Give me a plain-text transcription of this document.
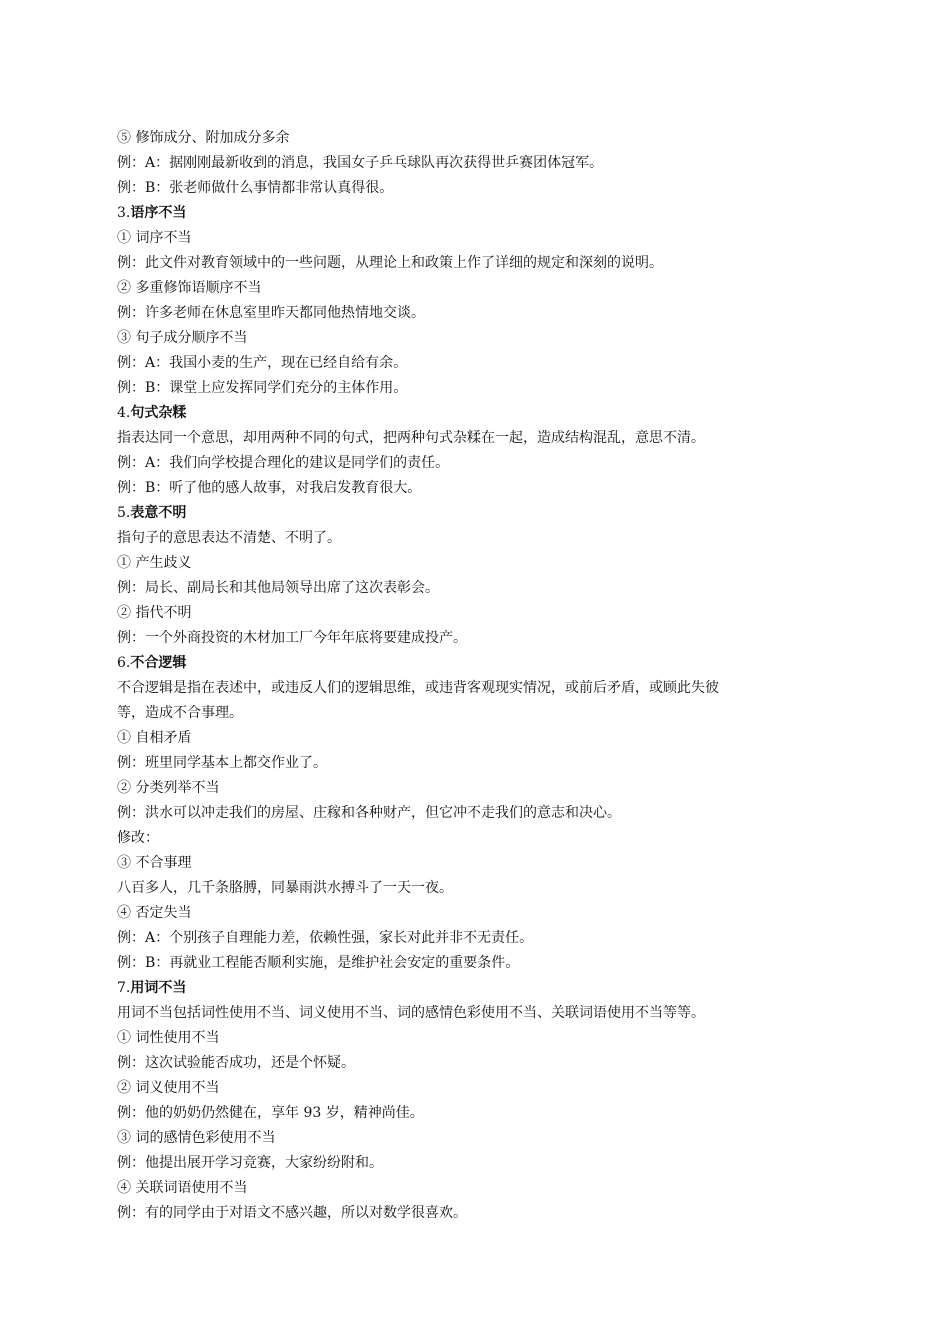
⑤ 修饰成分、附加成分多余
例：A：据刚刚最新收到的消息，我国女子乒乓球队再次获得世乒赛团体冠军。
例：B：张老师做什么事情都非常认真得很。
3.语序不当
① 词序不当
例：此文件对教育领域中的一些问题，从理论上和政策上作了详细的规定和深刻的说明。
② 多重修饰语顺序不当
例：许多老师在休息室里昨天都同他热情地交谈。
③ 句子成分顺序不当
例：A：我国小麦的生产，现在已经自给有余。
例：B：课堂上应发挥同学们充分的主体作用。
4.句式杂糅
指表达同一个意思，却用两种不同的句式，把两种句式杂糅在一起，造成结构混乱，意思不清。
例：A：我们向学校提合理化的建议是同学们的责任。
例：B：听了他的感人故事，对我启发教育很大。
5.表意不明
指句子的意思表达不清楚、不明了。
① 产生歧义
例：局长、副局长和其他局领导出席了这次表彰会。
② 指代不明
例：一个外商投资的木材加工厂今年年底将要建成投产。
6.不合逻辑
不合逻辑是指在表述中，或违反人们的逻辑思维，或违背客观现实情况，或前后矛盾，或顾此失彼
等，造成不合事理。
① 自相矛盾
例：班里同学基本上都交作业了。
② 分类列举不当
例：洪水可以冲走我们的房屋、庄稼和各种财产，但它冲不走我们的意志和决心。
修改：
③ 不合事理
八百多人，几千条胳膊，同暴雨洪水搏斗了一天一夜。
④ 否定失当
例：A：个别孩子自理能力差，依赖性强，家长对此并非不无责任。
例：B：再就业工程能否顺利实施，是维护社会安定的重要条件。
7.用词不当
用词不当包括词性使用不当、词义使用不当、词的感情色彩使用不当、关联词语使用不当等等。
① 词性使用不当
例：这次试验能否成功，还是个怀疑。
② 词义使用不当
例：他的奶奶仍然健在，享年 93 岁，精神尚佳。
③ 词的感情色彩使用不当
例：他提出展开学习竞赛，大家纷纷附和。
④ 关联词语使用不当
例：有的同学由于对语文不感兴趣，所以对数学很喜欢。
